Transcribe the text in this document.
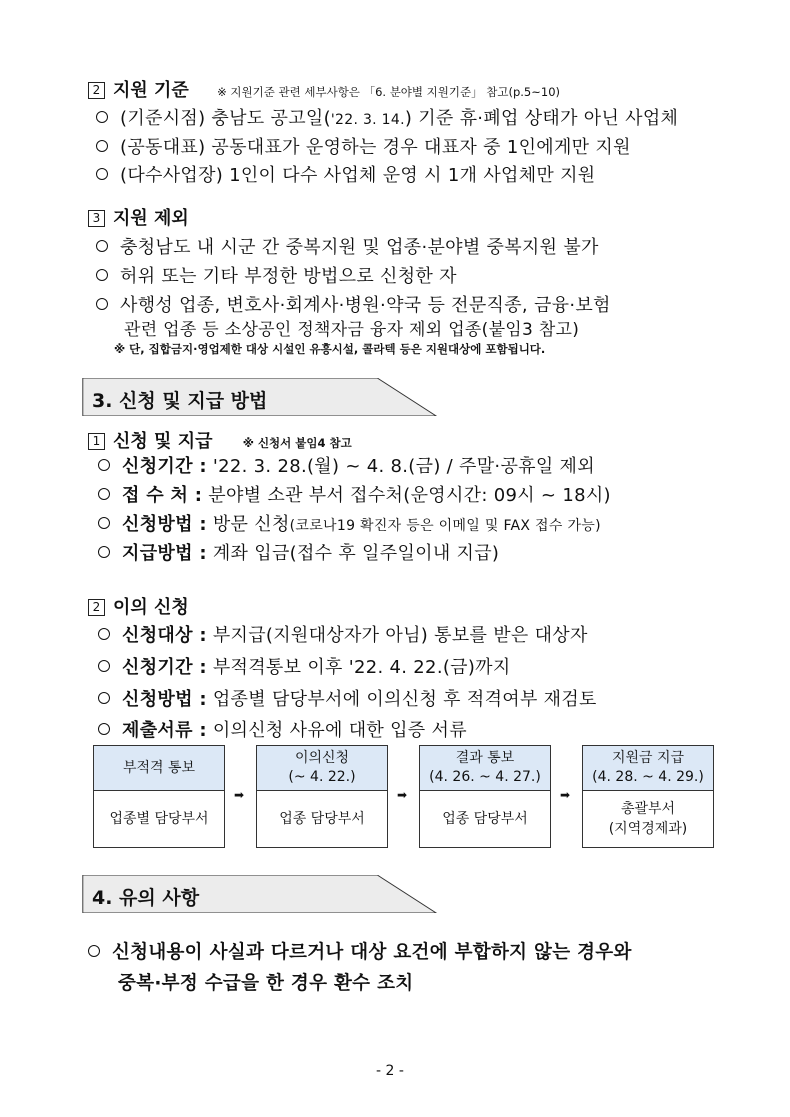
2 지원 기준 ※ 지원기준 관련 세부사항은 「6. 분야별 지원기준」 참고(p.5~10)
(기준시점) 충남도 공고일('22. 3. 14.) 기준 휴·폐업 상태가 아닌 사업체
(공동대표) 공동대표가 운영하는 경우 대표자 중 1인에게만 지원
(다수사업장) 1인이 다수 사업체 운영 시 1개 사업체만 지원
3 지원 제외
충청남도 내 시군 간 중복지원 및 업종·분야별 중복지원 불가
허위 또는 기타 부정한 방법으로 신청한 자
사행성 업종, 변호사·회계사·병원·약국 등 전문직종, 금융·보험
관련 업종 등 소상공인 정책자금 융자 제외 업종(붙임3 참고)
※ 단, 집합금지·영업제한 대상 시설인 유흥시설, 콜라텍 등은 지원대상에 포함됩니다.
3. 신청 및 지급 방법
1 신청 및 지급	※ 신청서 붙임4 참고
신청기간 : '22. 3. 28.(월) ~ 4. 8.(금) / 주말·공휴일 제외
접 수 처 : 분야별 소관 부서 접수처(운영시간: 09시 ~ 18시)
신청방법 : 방문 신청(코로나19 확진자 등은 이메일 및 FAX 접수 가능)
지급방법 : 계좌 입금(접수 후 일주일이내 지급)
2 이의 신청
신청대상 : 부지급(지원대상자가 아님) 통보를 받은 대상자
신청기간 : 부적격통보 이후 '22. 4. 22.(금)까지
신청방법 : 업종별 담당부서에 이의신청 후 적격여부 재검토
제출서류 : 이의신청 사유에 대한 입증 서류
부적격 통보
업종별 담당부서
➡
이의신청
(~ 4. 22.)
업종 담당부서
➡
결과 통보
(4. 26. ~ 4. 27.)
업종 담당부서
➡
지원금 지급
(4. 28. ~ 4. 29.)
총괄부서
(지역경제과)
4. 유의 사항
신청내용이 사실과 다르거나 대상 요건에 부합하지 않는 경우와
중복·부정 수급을 한 경우 환수 조치
- 2 -
